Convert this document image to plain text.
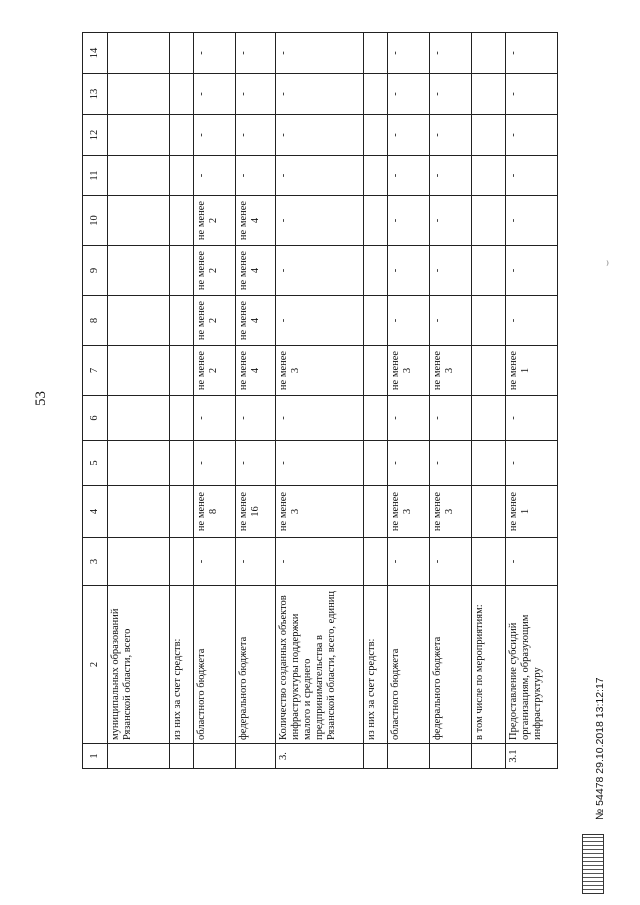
53
1	2	3	4	5	6	7	8	9	10	11	12	13	14
	муниципальных образований Рязанской области, всего												
	из них за счет средств:												
	областного бюджета	-	не менее 8	-	-	не менее 2	не менее 2	не менее 2	не менее 2	-	-	-	-
	федерального бюджета	-	не менее 16	-	-	не менее 4	не менее 4	не менее 4	не менее 4	-	-	-	-
3.	Количество созданных объектов инфраструктуры поддержки малого и среднего предпринимательства в Рязанской области, всего, единиц	-	не менее 3	-	-	не менее 3	-	-	-	-	-	-	-
	из них за счет средств:												
	областного бюджета	-	не менее 3	-	-	не менее 3	-	-	-	-	-	-	-
	федерального бюджета	-	не менее 3	-	-	не менее 3	-	-	-	-	-	-	-
	в том числе по мероприятиям:												
3.1	Предоставление субсидий организациям, образующим инфраструктуру	-	не менее 1	-	-	не менее 1	-	-	-	-	-	-	-
№ 54478 29.10.2018 13:12:17
⁾
